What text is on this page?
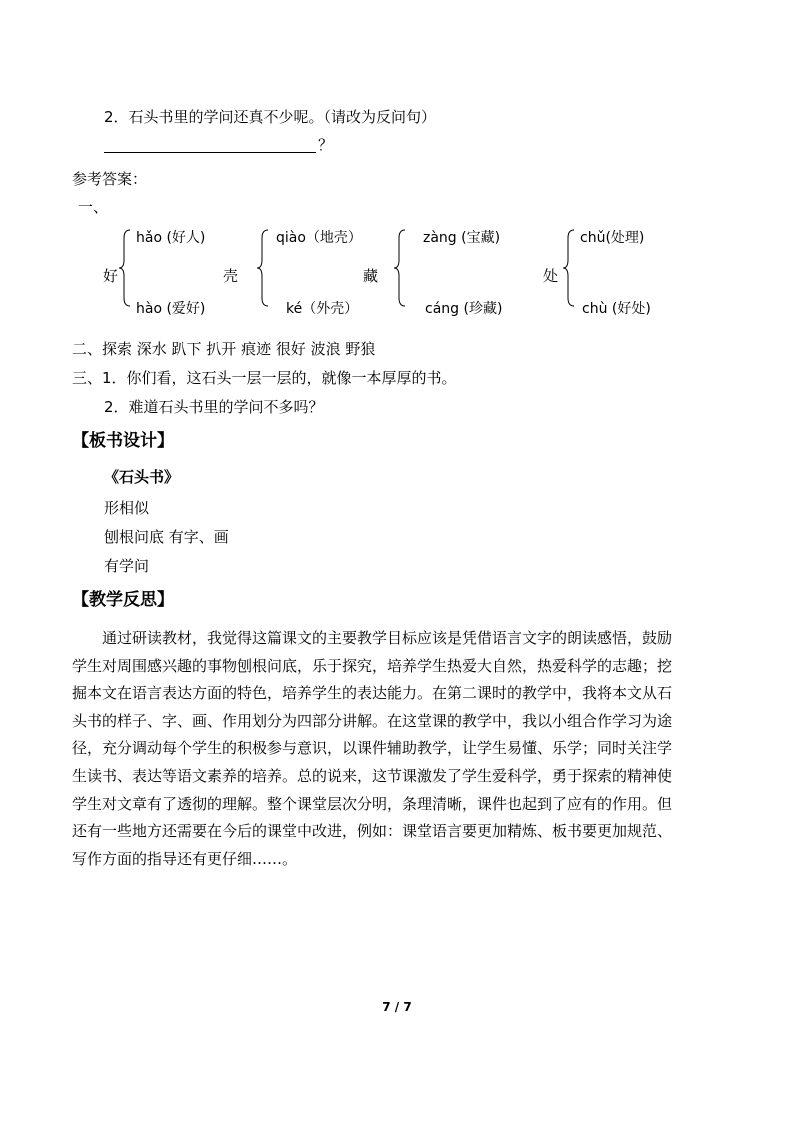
2．石头书里的学问还真不少呢。（请改为反问句）
？
参考答案：
一、
好
hǎo (好人)
hào (爱好)
壳
qiào（地壳）
ké（外壳）
藏
zàng (宝藏)
cáng (珍藏)
处
chǔ(处理)
chù (好处)
二、探索 深水 趴下 扒开 痕迹 很好 波浪 野狼
三、1．你们看，这石头一层一层的，就像一本厚厚的书。
2．难道石头书里的学问不多吗？
【板书设计】
《石头书》
形相似
刨根问底 有字、画
有学问
【教学反思】
通过研读教材，我觉得这篇课文的主要教学目标应该是凭借语言文字的朗读感悟，鼓励
学生对周围感兴趣的事物刨根问底，乐于探究，培养学生热爱大自然，热爱科学的志趣；挖
掘本文在语言表达方面的特色，培养学生的表达能力。在第二课时的教学中，我将本文从石
头书的样子、字、画、作用划分为四部分讲解。在这堂课的教学中，我以小组合作学习为途
径，充分调动每个学生的积极参与意识，以课件辅助教学，让学生易懂、乐学；同时关注学
生读书、表达等语文素养的培养。总的说来，这节课激发了学生爱科学，勇于探索的精神使
学生对文章有了透彻的理解。整个课堂层次分明，条理清晰，课件也起到了应有的作用。但
还有一些地方还需要在今后的课堂中改进，例如：课堂语言要更加精炼、板书要更加规范、
写作方面的指导还有更仔细……。
7 / 7
